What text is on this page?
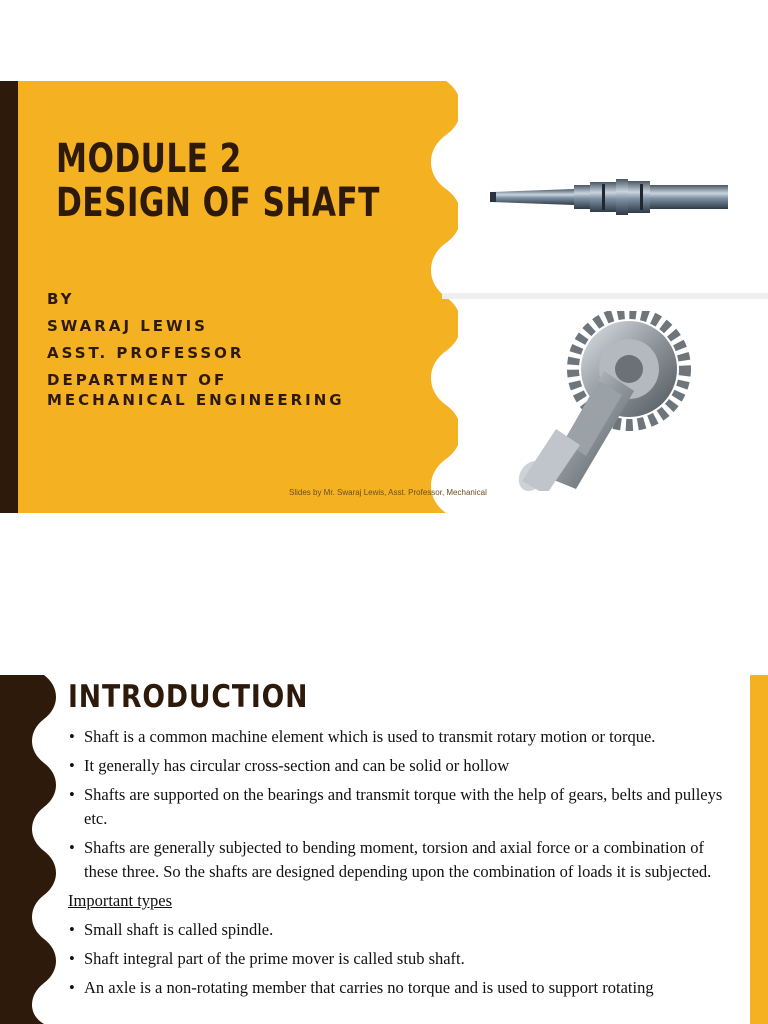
MODULE 2
DESIGN OF SHAFT
BY
SWARAJ LEWIS
ASST. PROFESSOR
DEPARTMENT OF
MECHANICAL ENGINEERING
Slides by Mr. Swaraj Lewis, Asst. Professor, Mechanical
INTRODUCTION
• Shaft is a common machine element which is used to transmit rotary motion or torque.
• It generally has circular cross-section and can be solid or hollow
• Shafts are supported on the bearings and transmit torque with the help of gears, belts and pulleys etc.
• Shafts are generally subjected to bending moment, torsion and axial force or a combination of these three. So the shafts are designed depending upon the combination of loads it is subjected.
Important types
• Small shaft is called spindle.
• Shaft integral part of the prime mover is called stub shaft.
• An axle is a non-rotating member that carries no torque and is used to support rotating
